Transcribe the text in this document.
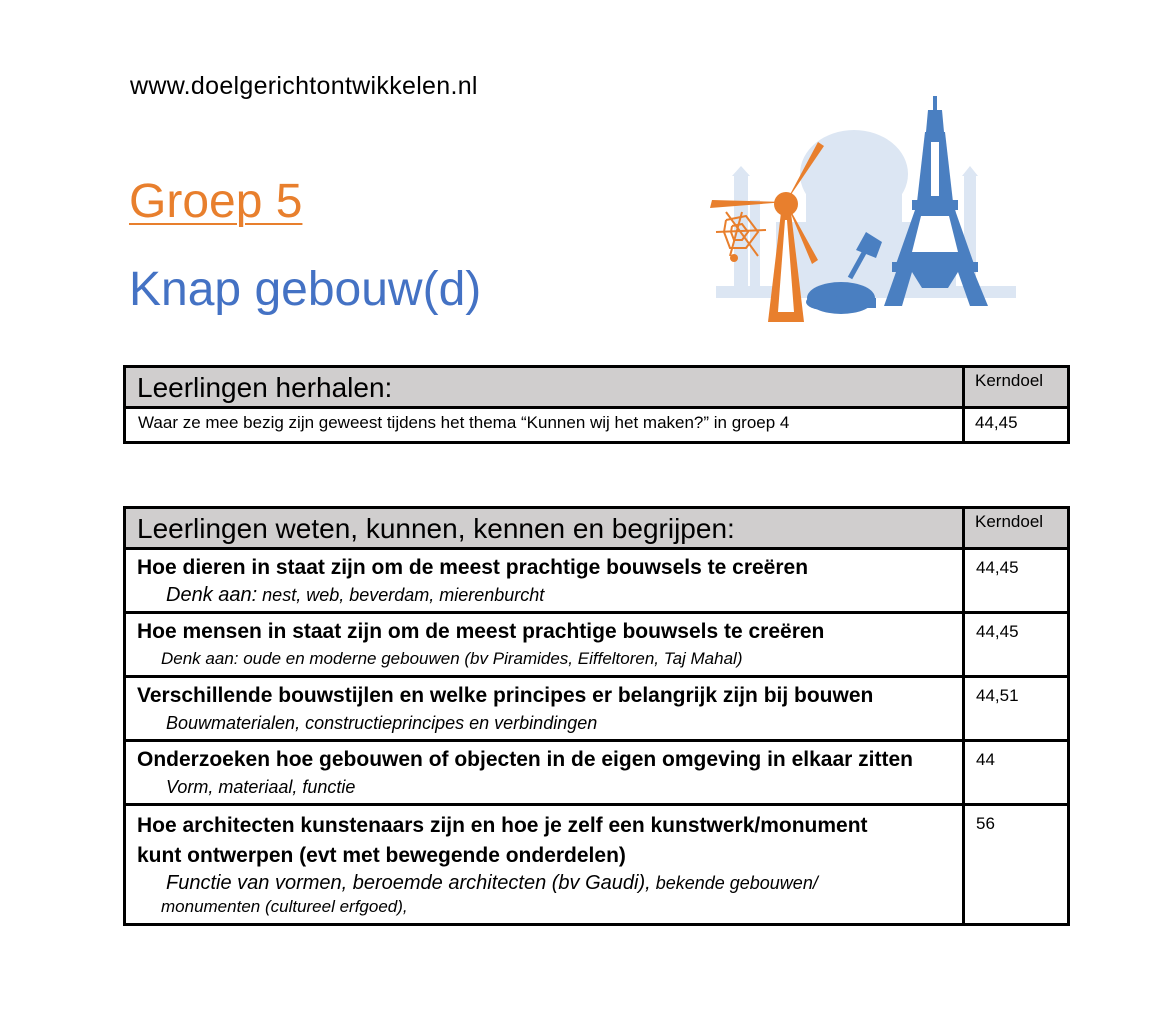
www.doelgerichtontwikkelen.nl
Groep 5
Knap gebouw(d)
Leerlingen herhalen:	Kerndoel

Waar ze mee bezig zijn geweest tijdens het thema “Kunnen wij het maken?” in groep 4	44,45
Leerlingen weten, kunnen, kennen en begrijpen:	Kerndoel

Hoe dieren in staat zijn om de meest prachtige bouwsels te creëren
Denk aan: nest, web, beverdam, mierenburcht	44,45

Hoe mensen in staat zijn om de meest prachtige bouwsels te creëren
Denk aan: oude en moderne gebouwen (bv Piramides, Eiffeltoren, Taj Mahal)	44,45

Verschillende bouwstijlen en welke principes er belangrijk zijn bij bouwen
Bouwmaterialen, constructieprincipes en verbindingen	44,51

Onderzoeken hoe gebouwen of objecten in de eigen omgeving in elkaar zitten
Vorm, materiaal, functie	44

Hoe architecten kunstenaars zijn en hoe je zelf een kunstwerk/monument
kunt ontwerpen (evt met bewegende onderdelen)
Functie van vormen, beroemde architecten (bv Gaudi), bekende gebouwen/
monumenten (cultureel erfgoed),	56
